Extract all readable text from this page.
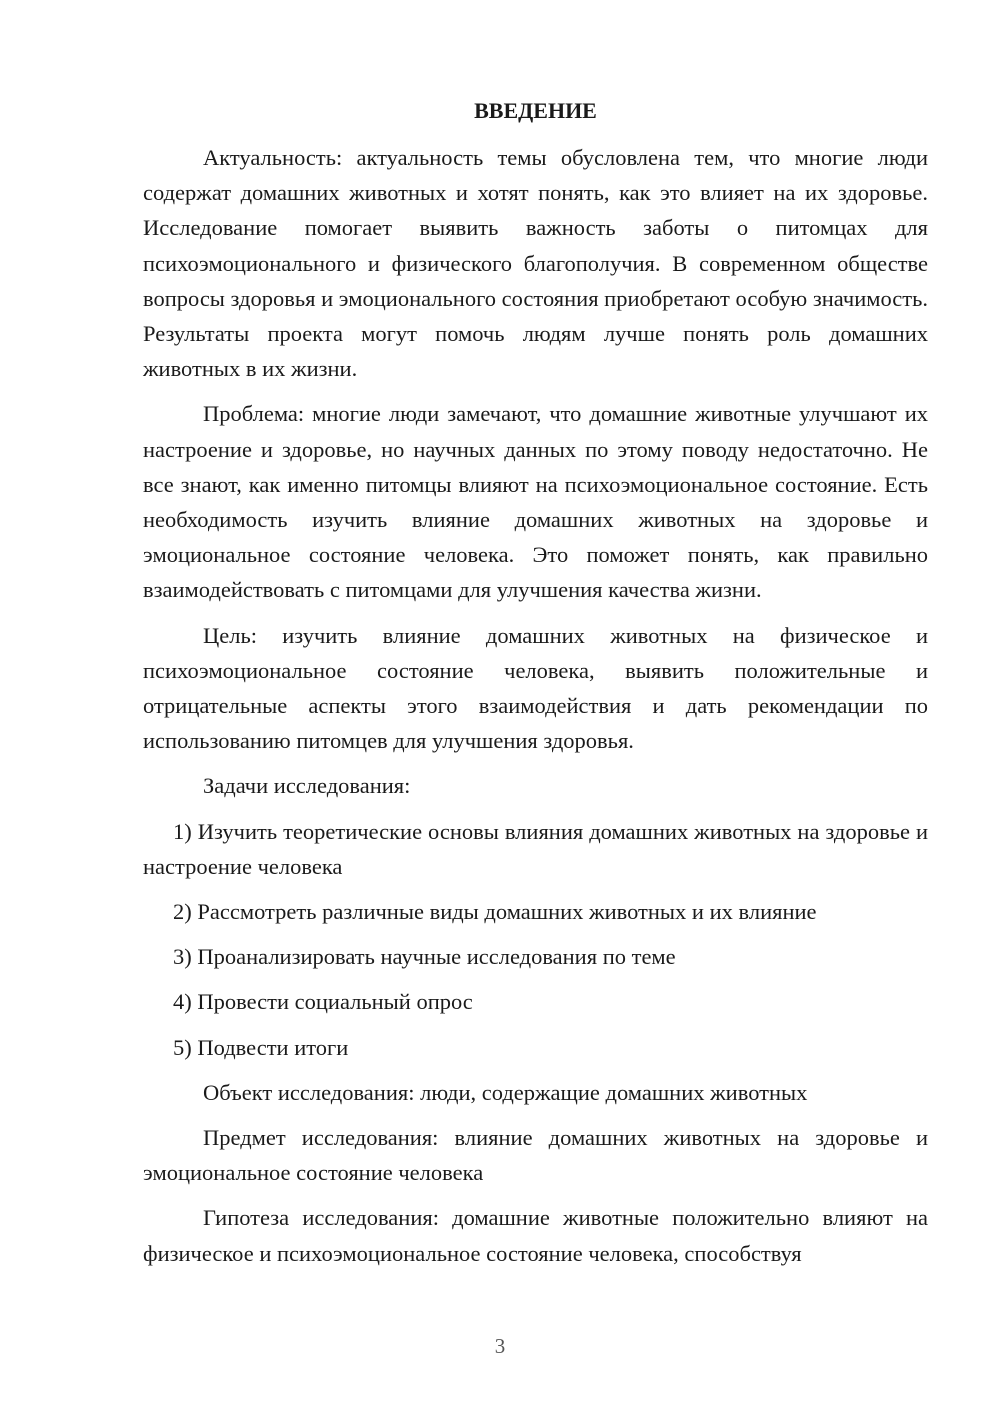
ВВЕДЕНИЕ

Актуальность: актуальность темы обусловлена тем, что многие люди содержат домашних животных и хотят понять, как это влияет на их здоровье. Исследование помогает выявить важность заботы о питомцах для психоэмоционального и физического благополучия. В современном обществе вопросы здоровья и эмоционального состояния приобретают особую значимость. Результаты проекта могут помочь людям лучше понять роль домашних животных в их жизни.

Проблема: многие люди замечают, что домашние животные улучшают их настроение и здоровье, но научных данных по этому поводу недостаточно. Не все знают, как именно питомцы влияют на психоэмоциональное состояние. Есть необходимость изучить влияние домашних животных на здоровье и эмоциональное состояние человека. Это поможет понять, как правильно взаимодействовать с питомцами для улучшения качества жизни.

Цель: изучить влияние домашних животных на физическое и психоэмоциональное состояние человека, выявить положительные и отрицательные аспекты этого взаимодействия и дать рекомендации по использованию питомцев для улучшения здоровья.

Задачи исследования:

1) Изучить теоретические основы влияния домашних животных на здоровье и настроение человека

2) Рассмотреть различные виды домашних животных и их влияние

3) Проанализировать научные исследования по теме

4) Провести социальный опрос

5) Подвести итоги

Объект исследования: люди, содержащие домашних животных

Предмет исследования: влияние домашних животных на здоровье и эмоциональное состояние человека

Гипотеза исследования: домашние животные положительно влияют на физическое и психоэмоциональное состояние человека, способствуя

3
